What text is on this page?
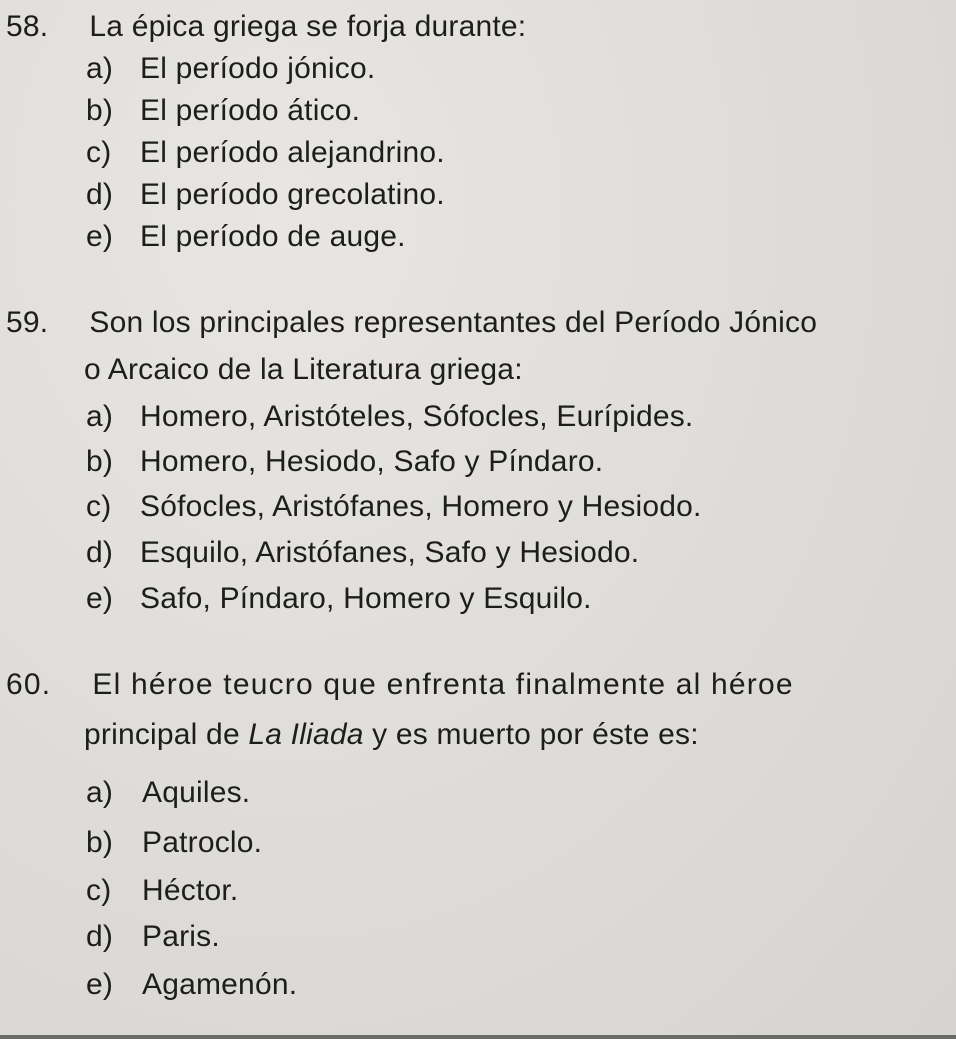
58. La épica griega se forja durante:
a) El período jónico.
b) El período ático.
c) El período alejandrino.
d) El período grecolatino.
e) El período de auge.
59. Son los principales representantes del Período Jónico
o Arcaico de la Literatura griega:
a) Homero, Aristóteles, Sófocles, Eurípides.
b) Homero, Hesiodo, Safo y Píndaro.
c) Sófocles, Aristófanes, Homero y Hesiodo.
d) Esquilo, Aristófanes, Safo y Hesiodo.
e) Safo, Píndaro, Homero y Esquilo.
60. El héroe teucro que enfrenta finalmente al héroe
principal de La Iliada y es muerto por éste es:
a) Aquiles.
b) Patroclo.
c) Héctor.
d) Paris.
e) Agamenón.
